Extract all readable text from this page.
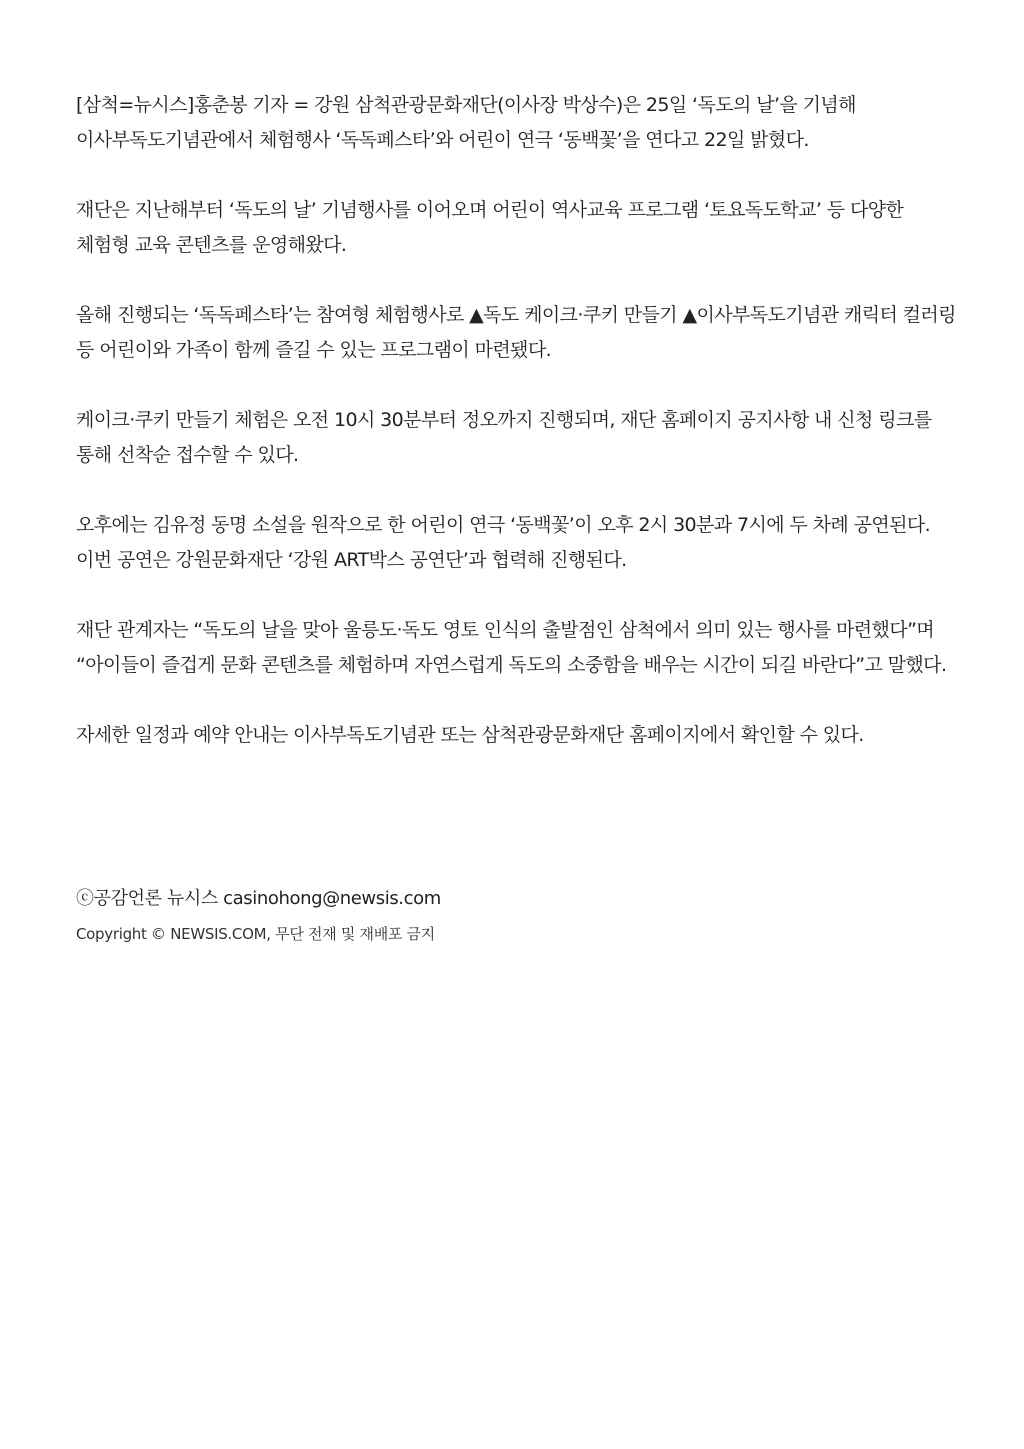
[삼척=뉴시스]홍춘봉 기자 = 강원 삼척관광문화재단(이사장 박상수)은 25일 ‘독도의 날’을 기념해 이사부독도기념관에서 체험행사 ‘독독페스타’와 어린이 연극 ‘동백꽃’을 연다고 22일 밝혔다.

재단은 지난해부터 ‘독도의 날’ 기념행사를 이어오며 어린이 역사교육 프로그램 ‘토요독도학교’ 등 다양한 체험형 교육 콘텐츠를 운영해왔다.

올해 진행되는 ‘독독페스타’는 참여형 체험행사로 ▲독도 케이크·쿠키 만들기 ▲이사부독도기념관 캐릭터 컬러링 등 어린이와 가족이 함께 즐길 수 있는 프로그램이 마련됐다.

케이크·쿠키 만들기 체험은 오전 10시 30분부터 정오까지 진행되며, 재단 홈페이지 공지사항 내 신청 링크를 통해 선착순 접수할 수 있다.

오후에는 김유정 동명 소설을 원작으로 한 어린이 연극 ‘동백꽃’이 오후 2시 30분과 7시에 두 차례 공연된다. 이번 공연은 강원문화재단 ‘강원 ART박스 공연단’과 협력해 진행된다.

재단 관계자는 “독도의 날을 맞아 울릉도·독도 영토 인식의 출발점인 삼척에서 의미 있는 행사를 마련했다”며 “아이들이 즐겁게 문화 콘텐츠를 체험하며 자연스럽게 독도의 소중함을 배우는 시간이 되길 바란다”고 말했다.

자세한 일정과 예약 안내는 이사부독도기념관 또는 삼척관광문화재단 홈페이지에서 확인할 수 있다.

ⓒ공감언론 뉴시스 casinohong@newsis.com

Copyright © NEWSIS.COM, 무단 전재 및 재배포 금지
